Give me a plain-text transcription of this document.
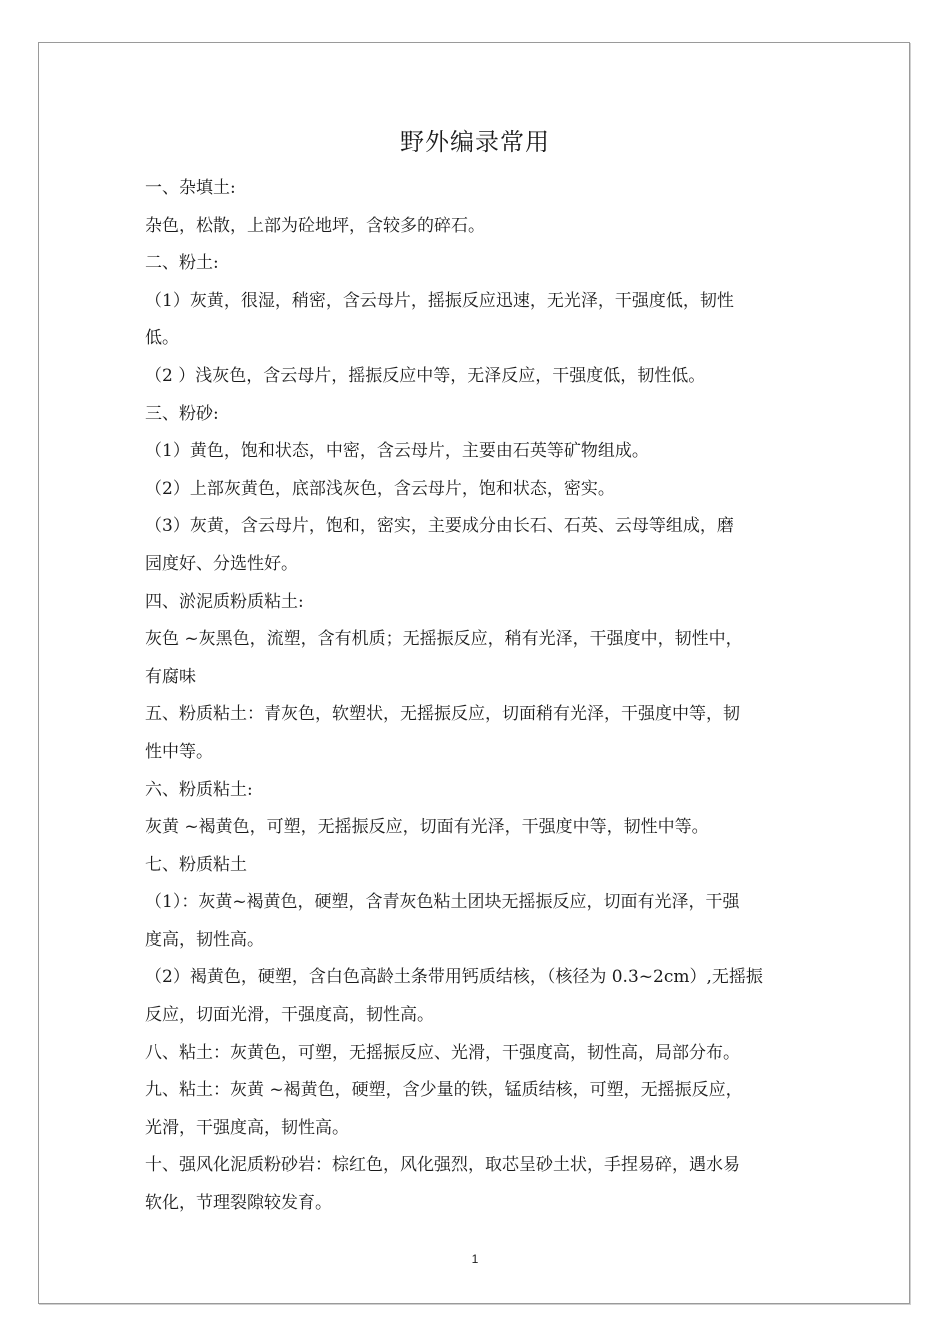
野外编录常用
一、杂填土:
杂色，松散，上部为砼地坪，含较多的碎石。
二、粉土:
（1）灰黄，很湿，稍密，含云母片，摇振反应迅速，无光泽，干强度低，韧性
低。
（2 ）浅灰色，含云母片，摇振反应中等，无泽反应，干强度低，韧性低。
三、粉砂:
（1）黄色，饱和状态，中密，含云母片，主要由石英等矿物组成。
（2）上部灰黄色，底部浅灰色，含云母片，饱和状态，密实。
（3）灰黄，含云母片，饱和，密实，主要成分由长石、石英、云母等组成，磨
园度好、分选性好。
四、淤泥质粉质粘土:
灰色 ~灰黑色，流塑，含有机质；无摇振反应，稍有光泽，干强度中，韧性中，
有腐味
五、粉质粘土：青灰色，软塑状，无摇振反应，切面稍有光泽，干强度中等，韧
性中等。
六、粉质粘土:
灰黄 ~褐黄色，可塑，无摇振反应，切面有光泽，干强度中等，韧性中等。
七、粉质粘土
（1）：灰黄~褐黄色，硬塑，含青灰色粘土团块无摇振反应，切面有光泽，干强
度高，韧性高。
（2）褐黄色，硬塑，含白色高龄土条带用钙质结核，（核径为 0.3~2cm）,无摇振
反应，切面光滑，干强度高，韧性高。
八、粘土：灰黄色，可塑，无摇振反应、光滑，干强度高，韧性高，局部分布。
九、粘土：灰黄 ~褐黄色，硬塑，含少量的铁，锰质结核，可塑，无摇振反应，
光滑，干强度高，韧性高。
十、强风化泥质粉砂岩：棕红色，风化强烈，取芯呈砂土状，手捏易碎，遇水易
软化，节理裂隙较发育。
1
